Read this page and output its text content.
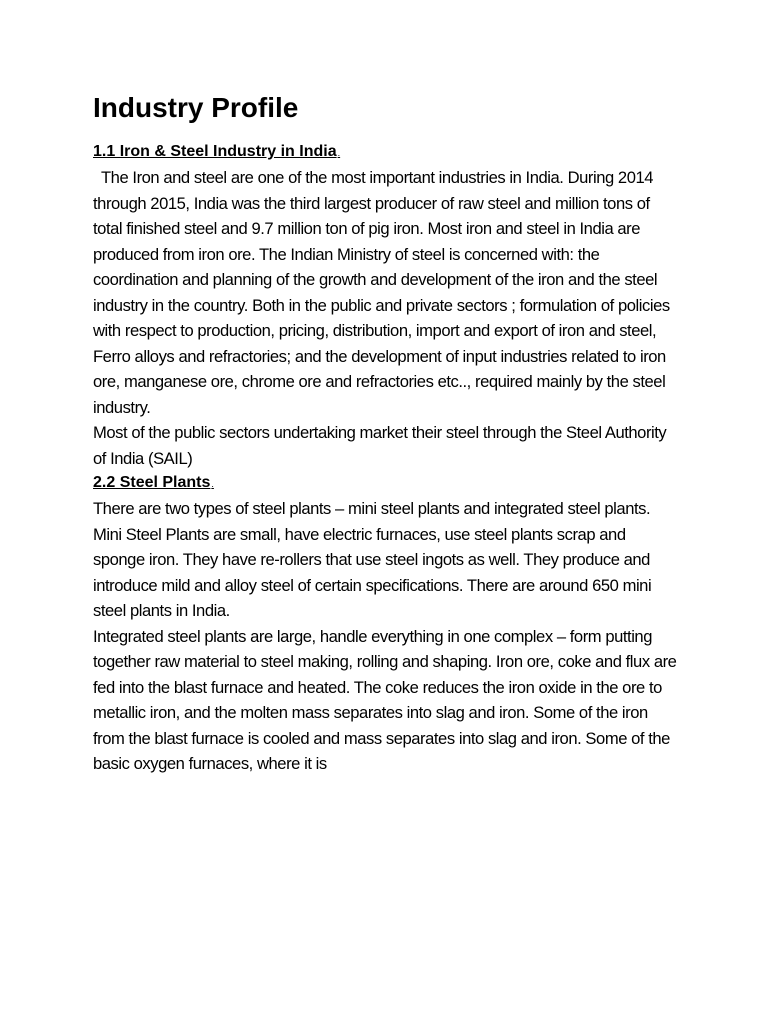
Industry Profile
1.1 Iron & Steel Industry in India.

The Iron and steel are one of the most important industries in India. During 2014 through 2015, India was the third largest producer of raw steel and million tons of total finished steel and 9.7 million ton of pig iron. Most iron and steel in India are produced from iron ore. The Indian Ministry of steel is concerned with: the coordination and planning of the growth and development of the iron and the steel industry in the country. Both in the public and private sectors ; formulation of policies with respect to production, pricing, distribution, import and export of iron and steel, Ferro alloys and refractories; and the development of input industries related to iron ore, manganese ore, chrome ore and refractories etc.., required mainly by the steel industry.

Most of the public sectors undertaking market their steel through the Steel Authority of India (SAIL)

2.2 Steel Plants.

There are two types of steel plants – mini steel plants and integrated steel plants.

Mini Steel Plants are small, have electric furnaces, use steel plants scrap and sponge iron. They have re-rollers that use steel ingots as well. They produce and introduce mild and alloy steel of certain specifications. There are around 650 mini steel plants in India.

Integrated steel plants are large, handle everything in one complex – form putting together raw material to steel making, rolling and shaping. Iron ore, coke and flux are fed into the blast furnace and heated. The coke reduces the iron oxide in the ore to metallic iron, and the molten mass separates into slag and iron. Some of the iron from the blast furnace is cooled and mass separates into slag and iron. Some of the basic oxygen furnaces, where it is
